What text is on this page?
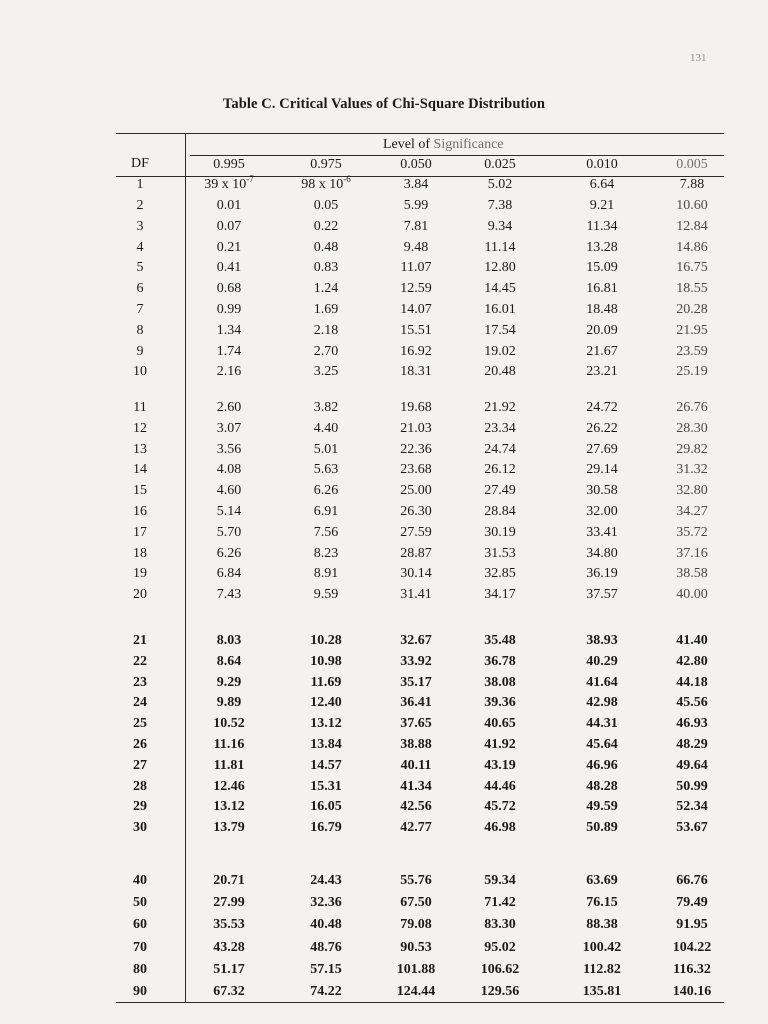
131
Table C. Critical Values of Chi-Square Distribution
Level of Significance
DF	0.995	0.975	0.050	0.025	0.010	0.005
1	39 x $10^{-7}$	98 x $10^{-6}$	3.84	5.02	6.64	7.88
2	0.01	0.05	5.99	7.38	9.21	10.60
3	0.07	0.22	7.81	9.34	11.34	12.84
4	0.21	0.48	9.48	11.14	13.28	14.86
5	0.41	0.83	11.07	12.80	15.09	16.75
6	0.68	1.24	12.59	14.45	16.81	18.55
7	0.99	1.69	14.07	16.01	18.48	20.28
8	1.34	2.18	15.51	17.54	20.09	21.95
9	1.74	2.70	16.92	19.02	21.67	23.59
10	2.16	3.25	18.31	20.48	23.21	25.19
11	2.60	3.82	19.68	21.92	24.72	26.76
12	3.07	4.40	21.03	23.34	26.22	28.30
13	3.56	5.01	22.36	24.74	27.69	29.82
14	4.08	5.63	23.68	26.12	29.14	31.32
15	4.60	6.26	25.00	27.49	30.58	32.80
16	5.14	6.91	26.30	28.84	32.00	34.27
17	5.70	7.56	27.59	30.19	33.41	35.72
18	6.26	8.23	28.87	31.53	34.80	37.16
19	6.84	8.91	30.14	32.85	36.19	38.58
20	7.43	9.59	31.41	34.17	37.57	40.00
21	8.03	10.28	32.67	35.48	38.93	41.40
22	8.64	10.98	33.92	36.78	40.29	42.80
23	9.29	11.69	35.17	38.08	41.64	44.18
24	9.89	12.40	36.41	39.36	42.98	45.56
25	10.52	13.12	37.65	40.65	44.31	46.93
26	11.16	13.84	38.88	41.92	45.64	48.29
27	11.81	14.57	40.11	43.19	46.96	49.64
28	12.46	15.31	41.34	44.46	48.28	50.99
29	13.12	16.05	42.56	45.72	49.59	52.34
30	13.79	16.79	42.77	46.98	50.89	53.67
40	20.71	24.43	55.76	59.34	63.69	66.76
50	27.99	32.36	67.50	71.42	76.15	79.49
60	35.53	40.48	79.08	83.30	88.38	91.95
70	43.28	48.76	90.53	95.02	100.42	104.22
80	51.17	57.15	101.88	106.62	112.82	116.32
90	67.32	74.22	124.44	129.56	135.81	140.16
